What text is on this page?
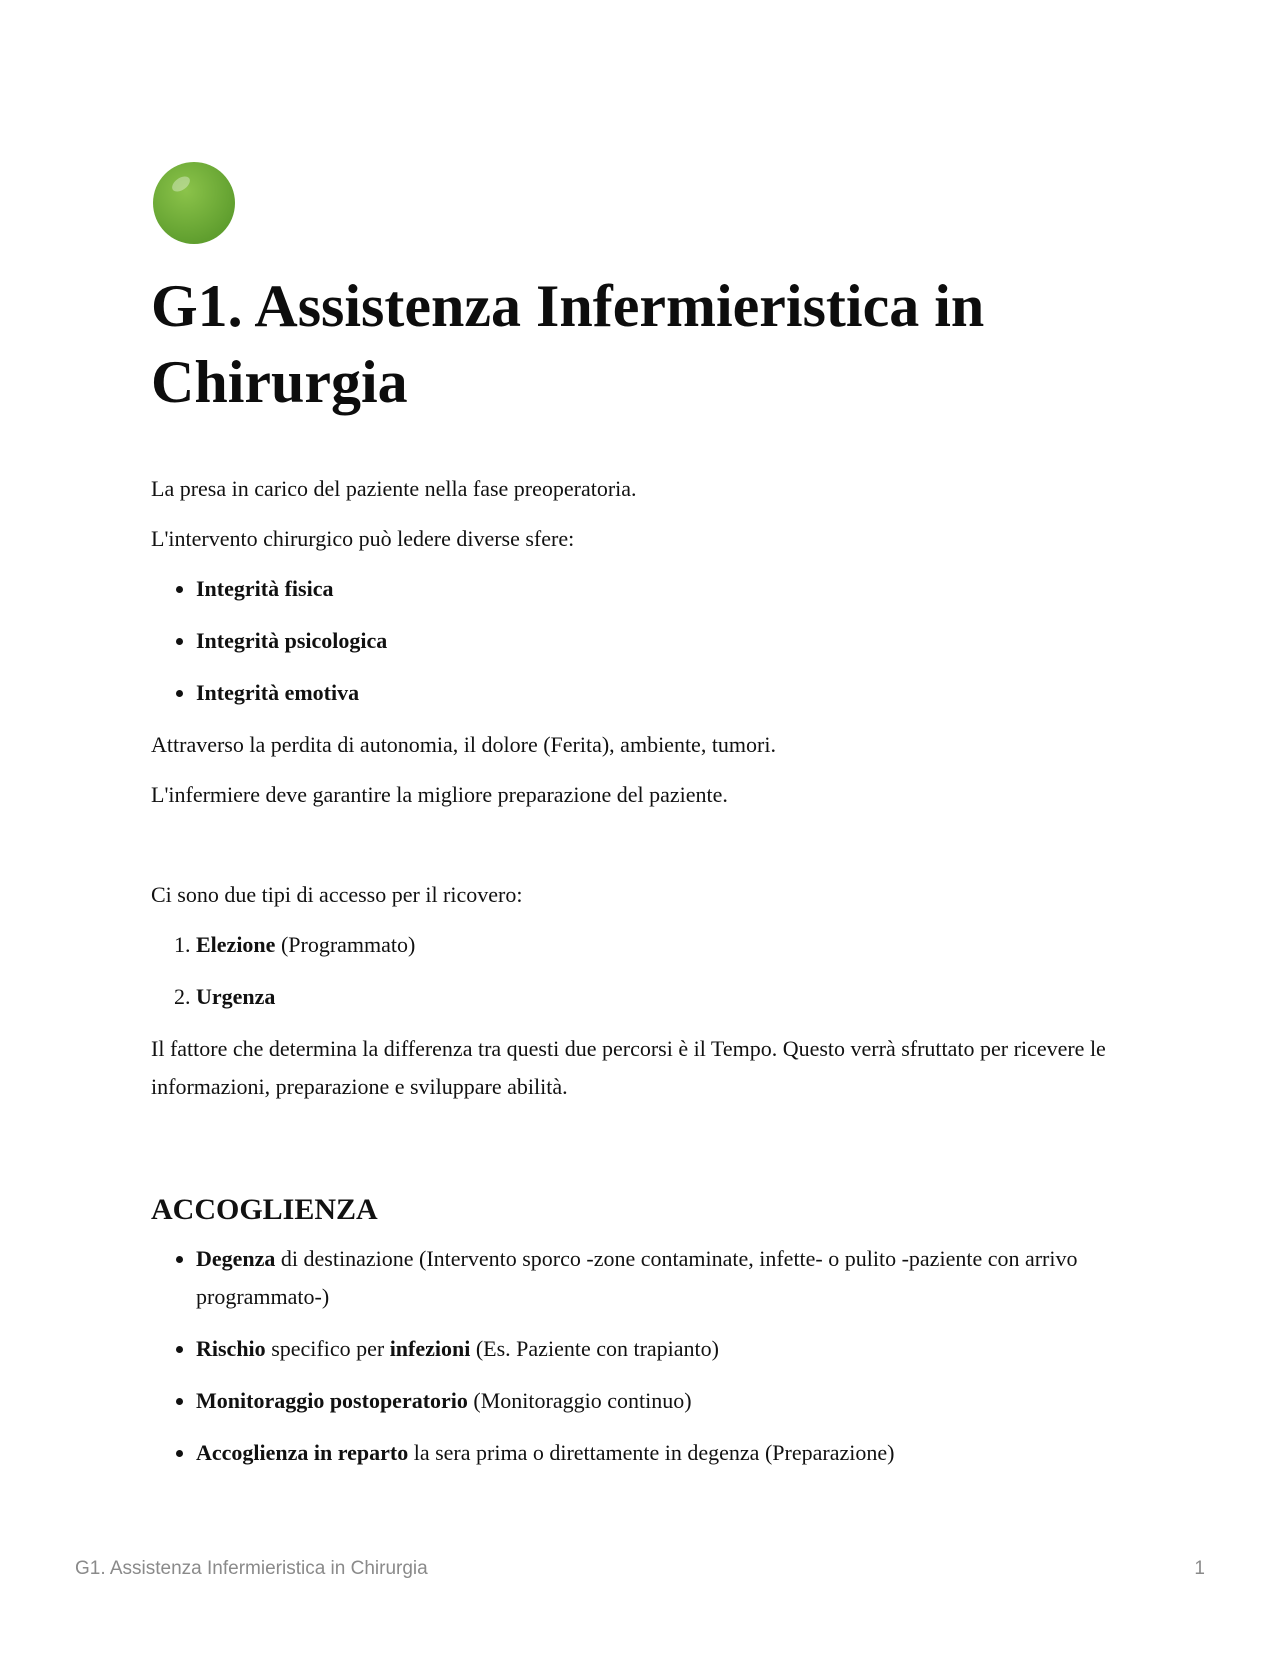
G1. Assistenza Infermieristica in Chirurgia

La presa in carico del paziente nella fase preoperatoria.

L'intervento chirurgico può ledere diverse sfere:

• Integrità fisica
• Integrità psicologica
• Integrità emotiva

Attraverso la perdita di autonomia, il dolore (Ferita), ambiente, tumori.

L'infermiere deve garantire la migliore preparazione del paziente.

Ci sono due tipi di accesso per il ricovero:

1. Elezione (Programmato)
2. Urgenza

Il fattore che determina la differenza tra questi due percorsi è il Tempo. Questo verrà sfruttato per ricevere le informazioni, preparazione e sviluppare abilità.

ACCOGLIENZA
• Degenza di destinazione (Intervento sporco -zone contaminate, infette- o pulito -paziente con arrivo programmato-)
• Rischio specifico per infezioni (Es. Paziente con trapianto)
• Monitoraggio postoperatorio (Monitoraggio continuo)
• Accoglienza in reparto la sera prima o direttamente in degenza (Preparazione)
G1. Assistenza Infermieristica in Chirurgia	1
